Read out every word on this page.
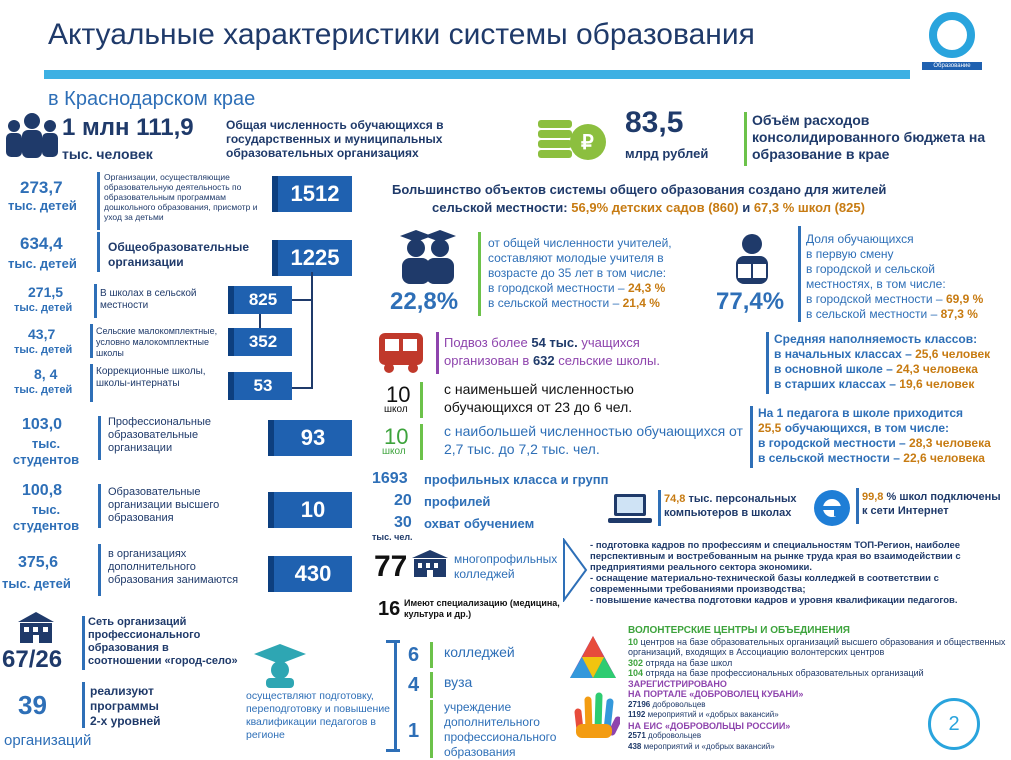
Актуальные характеристики системы образования
Образование
в Краснодарском крае
1 млн 111,9
тыс. человек
Общая численность обучающихся в государственных и муниципальных образовательных организациях	₽
83,5
млрд рублей
Объём расходов консолидированного бюджета на образование в крае
273,7
тыс. детей
Организации, осуществляющие образовательную деятельность по образовательным программам дошкольного образования, присмотр и уход за детьми
1512
634,4
тыс. детей
Общеобразовательные организации	1225
271,5
тыс. детей
В школах в сельской местности	825
43,7
тыс. детей
Сельские малокомплектные, условно малокомплектные школы
352
8, 4
тыс. детей
Коррекционные школы, школы-интернаты	53
103,0
тыс. студентов
Профессиональные образовательные организации	93
100,8
тыс. студентов
Образовательные организации высшего образования	10
375,6
тыс. детей
в организациях дополнительного образования занимаются	430
Сеть организаций профессионального образования в соотношении «город-село»
67/26
39	реализуют
программы
2-х уровней
организаций
Большинство объектов системы общего образования создано для жителей
сельской местности: 56,9% детских садов (860) и 67,3 % школ (825)
22,8%
от общей численности учителей,
составляют молодые учителя в
возрасте до 35 лет в том числе:
в городской местности – 24,3 %
в сельской местности – 21,4 %	77,4%
Доля обучающихся
в первую смену
в городской и сельской
местностях, в том числе:
в городской местности – 69,9 %
в сельской местности – 87,3 %
Подвоз более 54 тыс. учащихся
организован в 632 сельские школы.
10
школ
с наименьшей численностью обучающихся от 23 до 6 чел.
10
школ
с наибольшей численностью обучающихся от 2,7 тыс. до 7,2 тыс. чел.
Средняя наполняемость классов:
в начальных классах – 25,6 человек
в основной школе – 24,3 человека
в старших классах – 19,6 человек
На 1 педагога в школе приходится
25,5 обучающихся, в том числе:
в городской местности – 28,3 человека
в сельской местности – 22,6 человека
1693 профильных класса и групп
20 профилей
30 охват обучением
тыс. чел.
74,8 тыс. персональных компьютеров в школах
99,8 % школ подключены к сети Интернет
77	многопрофильных колледжей
16 Имеют специализацию (медицина, культура и др.)
- подготовка кадров по профессиям и специальностям ТОП-Регион, наиболее перспективным и востребованным на рынке труда края во взаимодействии с предприятиями реального сектора экономики.
- оснащение материально-технической базы колледжей в соответствии с современными требованиями производства;
- повышение качества подготовки кадров и уровня квалификации педагогов.
осуществляют подготовку, переподготовку и повышение квалификации педагогов в регионе
6 колледжей
4 вуза
1
учреждение дополнительного профессионального образования
ВОЛОНТЕРСКИЕ ЦЕНТРЫ И ОБЪЕДИНЕНИЯ
10 центров на базе образовательных организаций высшего образования и общественных организаций, входящих в Ассоциацию волонтерских центров
302 отряда на базе школ
104 отряда на базе профессиональных образовательных организаций
ЗАРЕГИСТРИРОВАНО
НА ПОРТАЛЕ «ДОБРОВОЛЕЦ КУБАНИ»
27196 добровольцев
1192 мероприятий и «добрых вакансий»
НА ЕИС «ДОБРОВОЛЬЦЫ РОССИИ»
2571 добровольцев
438 мероприятий и «добрых вакансий»
2
